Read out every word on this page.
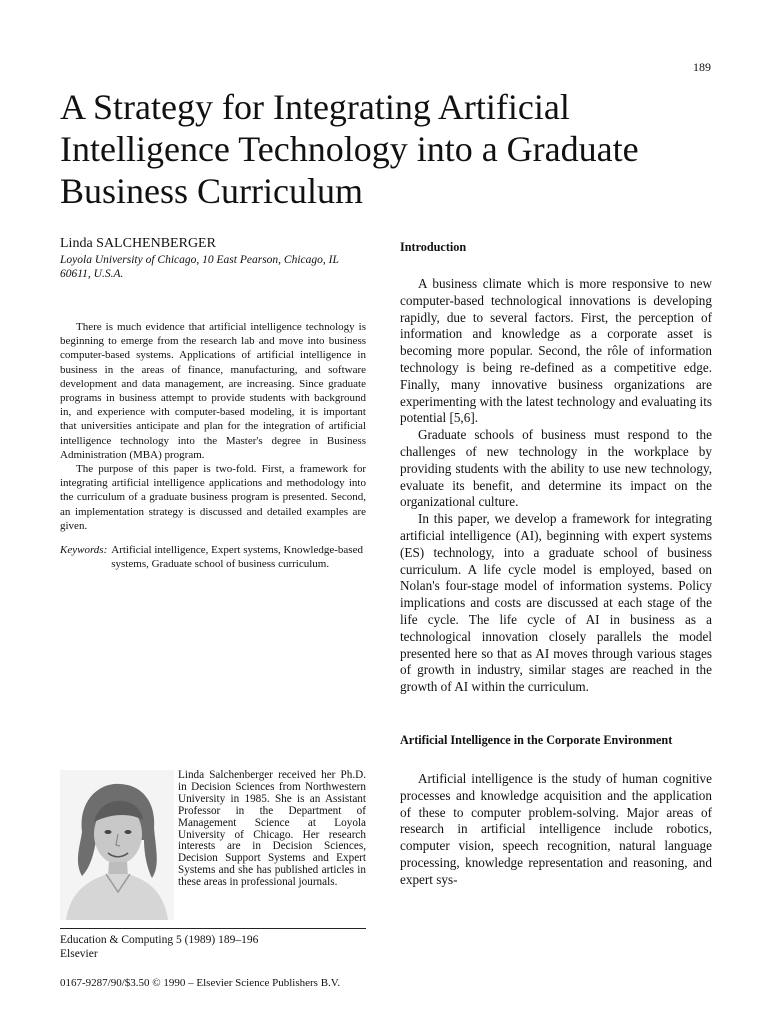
189
A Strategy for Integrating Artificial
Intelligence Technology into a Graduate
Business Curriculum

Linda SALCHENBERGER

Loyola University of Chicago, 10 East Pearson, Chicago, IL 60611, U.S.A.

There is much evidence that artificial intelligence technology is beginning to emerge from the research lab and move into business computer-based systems. Applications of artificial intelligence in business in the areas of finance, manufacturing, and software development and data management, are increasing. Since graduate programs in business attempt to provide students with background in, and experience with computer-based modeling, it is important that universities anticipate and plan for the integration of artificial intelligence technology into the Master's degree in Business Administration (MBA) program.

The purpose of this paper is two-fold. First, a framework for integrating artificial intelligence applications and methodology into the curriculum of a graduate business program is presented. Second, an implementation strategy is discussed and detailed examples are given.

Keywords: Artificial intelligence, Expert systems, Knowledge-based systems, Graduate school of business curriculum.

Linda Salchenberger received her Ph.D. in Decision Sciences from Northwestern University in 1985. She is an Assistant Professor in the Department of Management Science at Loyola University of Chicago. Her research interests are in Decision Sciences, Decision Support Systems and Expert Systems and she has published articles in these areas in professional journals.

Education & Computing 5 (1989) 189–196
Elsevier

0167-9287/90/$3.50 © 1990 – Elsevier Science Publishers B.V.

Introduction

A business climate which is more responsive to new computer-based technological innovations is developing rapidly, due to several factors. First, the perception of information and knowledge as a corporate asset is becoming more popular. Second, the rôle of information technology is being re-defined as a competitive edge. Finally, many innovative business organizations are experimenting with the latest technology and evaluating its potential [5,6].

Graduate schools of business must respond to the challenges of new technology in the workplace by providing students with the ability to use new technology, evaluate its benefit, and determine its impact on the organizational culture.

In this paper, we develop a framework for integrating artificial intelligence (AI), beginning with expert systems (ES) technology, into a graduate school of business curriculum. A life cycle model is employed, based on Nolan's four-stage model of information systems. Policy implications and costs are discussed at each stage of the life cycle. The life cycle of AI in business as a technological innovation closely parallels the model presented here so that as AI moves through various stages of growth in industry, similar stages are reached in the growth of AI within the curriculum.

Artificial Intelligence in the Corporate Environment

Artificial intelligence is the study of human cognitive processes and knowledge acquisition and the application of these to computer problem-solving. Major areas of research in artificial intelligence include robotics, computer vision, speech recognition, natural language processing, knowledge representation and reasoning, and expert sys-
